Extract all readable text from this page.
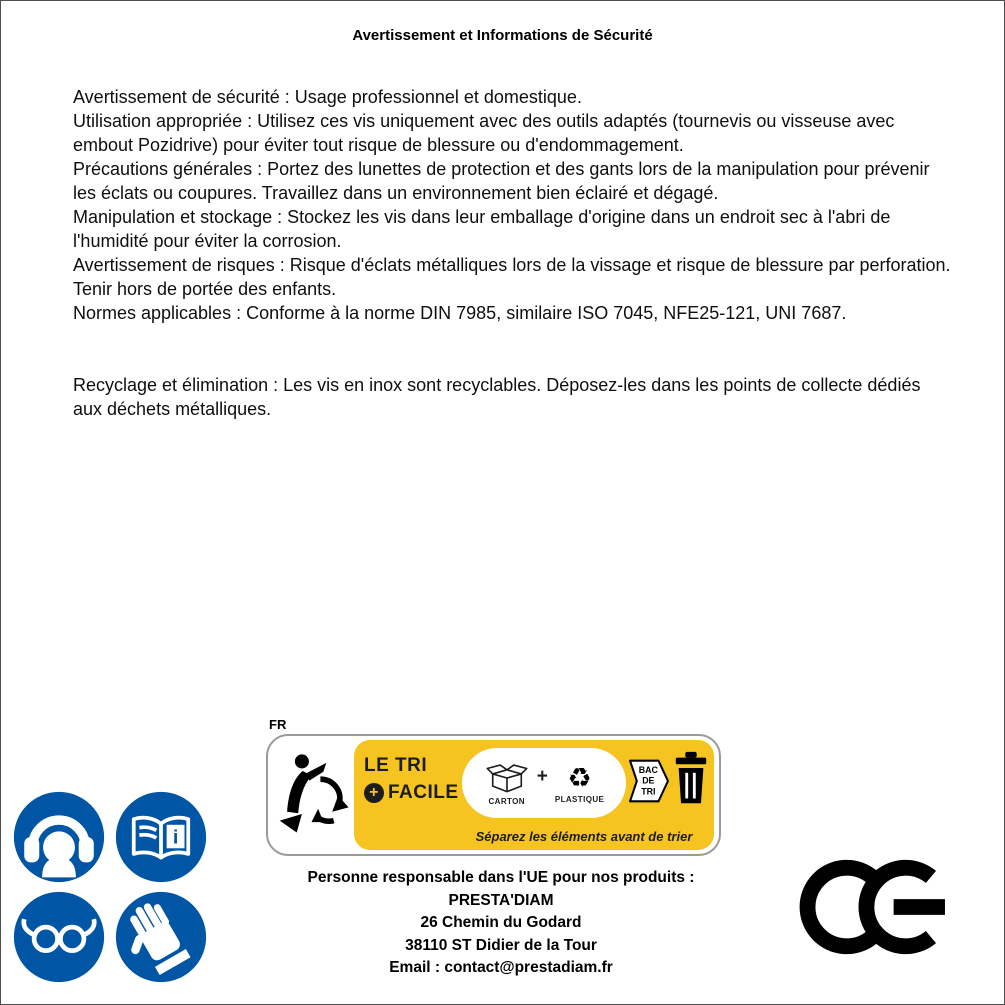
Avertissement et Informations de Sécurité

Avertissement de sécurité : Usage professionnel et domestique.

Utilisation appropriée : Utilisez ces vis uniquement avec des outils adaptés (tournevis ou visseuse avec embout Pozidrive) pour éviter tout risque de blessure ou d'endommagement.

Précautions générales : Portez des lunettes de protection et des gants lors de la manipulation pour prévenir les éclats ou coupures. Travaillez dans un environnement bien éclairé et dégagé.

Manipulation et stockage : Stockez les vis dans leur emballage d'origine dans un endroit sec à l'abri de l'humidité pour éviter la corrosion.

Avertissement de risques : Risque d'éclats métalliques lors de la vissage et risque de blessure par perforation. Tenir hors de portée des enfants.

Normes applicables : Conforme à la norme DIN 7985, similaire ISO 7045, NFE25-121, UNI 7687.

Recyclage et élimination : Les vis en inox sont recyclables. Déposez-les dans les points de collecte dédiés aux déchets métalliques.

i
FR
LE TRI
+ FACILE	CARTON
+ ♻
PLASTIQUE
BAC
DE
TRI
Séparez les éléments avant de trier
Personne responsable dans l'UE pour nos produits :
PRESTA'DIAM
26 Chemin du Godard
38110 ST Didier de la Tour
Email : contact@prestadiam.fr
